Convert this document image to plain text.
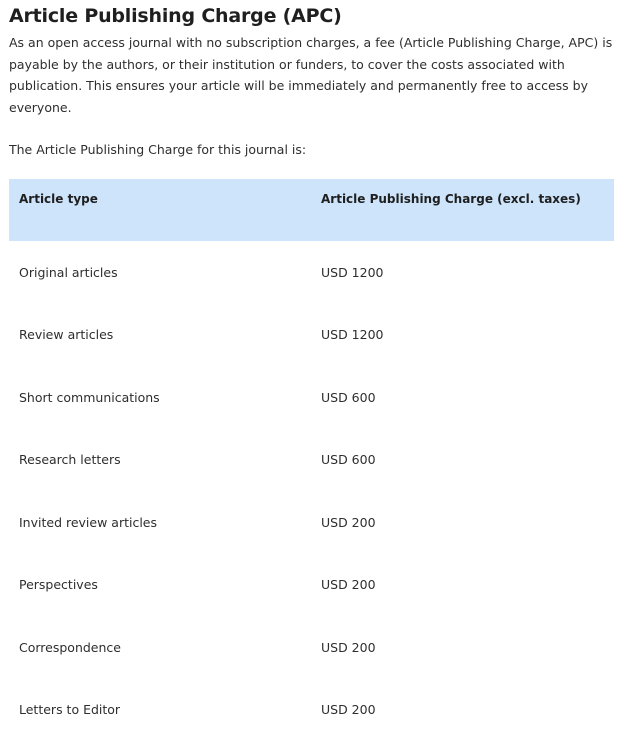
Article Publishing Charge (APC)

As an open access journal with no subscription charges, a fee (Article Publishing Charge, APC) is payable by the authors, or their institution or funders, to cover the costs associated with publication. This ensures your article will be immediately and permanently free to access by everyone.

The Article Publishing Charge for this journal is:

Article type	Article Publishing Charge (excl. taxes)
Original articles	USD 1200
Review articles	USD 1200
Short communications	USD 600
Research letters	USD 600
Invited review articles	USD 200
Perspectives	USD 200
Correspondence	USD 200
Letters to Editor	USD 200
